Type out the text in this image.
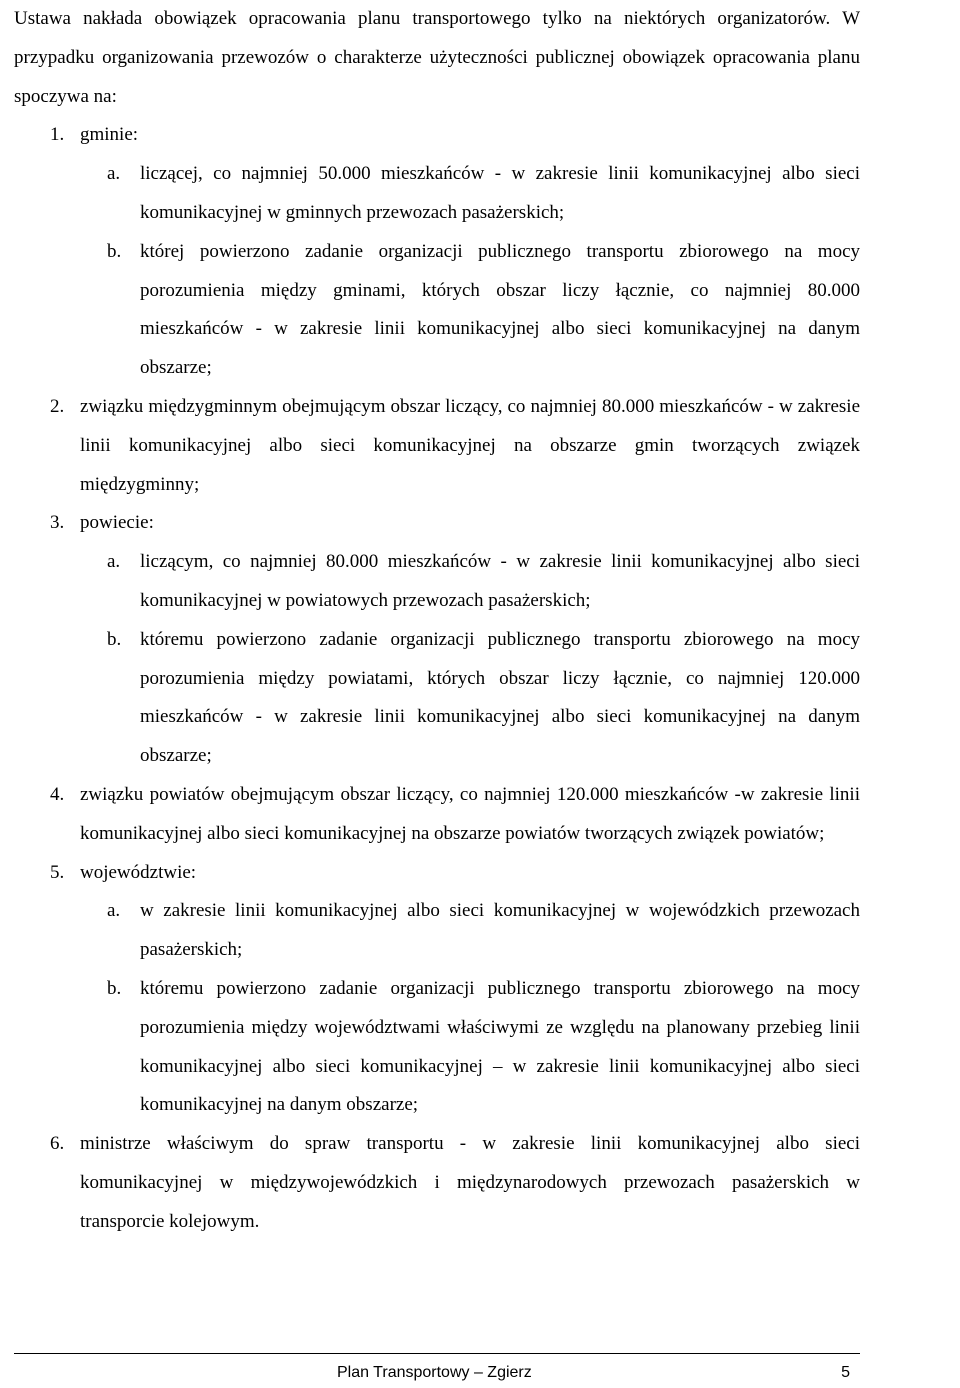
Ustawa nakłada obowiązek opracowania planu transportowego tylko na niektórych organizatorów. W przypadku organizowania przewozów o charakterze użyteczności publicznej obowiązek opracowania planu spoczywa na:

1. gminie:
a. liczącej, co najmniej 50.000 mieszkańców - w zakresie linii komunikacyjnej albo sieci komunikacyjnej w gminnych przewozach pasażerskich;
b. której powierzono zadanie organizacji publicznego transportu zbiorowego na mocy porozumienia między gminami, których obszar liczy łącznie, co najmniej 80.000 mieszkańców - w zakresie linii komunikacyjnej albo sieci komunikacyjnej na danym obszarze;
2. związku międzygminnym obejmującym obszar liczący, co najmniej 80.000 mieszkańców - w zakresie linii komunikacyjnej albo sieci komunikacyjnej na obszarze gmin tworzących związek międzygminny;
3. powiecie:
a. liczącym, co najmniej 80.000 mieszkańców - w zakresie linii komunikacyjnej albo sieci komunikacyjnej w powiatowych przewozach pasażerskich;
b. któremu powierzono zadanie organizacji publicznego transportu zbiorowego na mocy porozumienia między powiatami, których obszar liczy łącznie, co najmniej 120.000 mieszkańców - w zakresie linii komunikacyjnej albo sieci komunikacyjnej na danym obszarze;
4. związku powiatów obejmującym obszar liczący, co najmniej 120.000 mieszkańców -w zakresie linii komunikacyjnej albo sieci komunikacyjnej na obszarze powiatów tworzących związek powiatów;
5. województwie:
a. w zakresie linii komunikacyjnej albo sieci komunikacyjnej w wojewódzkich przewozach pasażerskich;
b. któremu powierzono zadanie organizacji publicznego transportu zbiorowego na mocy porozumienia między województwami właściwymi ze względu na planowany przebieg linii komunikacyjnej albo sieci komunikacyjnej – w zakresie linii komunikacyjnej albo sieci komunikacyjnej na danym obszarze;
6. ministrze właściwym do spraw transportu - w zakresie linii komunikacyjnej albo sieci komunikacyjnej w międzywojewódzkich i międzynarodowych przewozach pasażerskich w transporcie kolejowym.
Plan Transportowy – Zgierz	5
